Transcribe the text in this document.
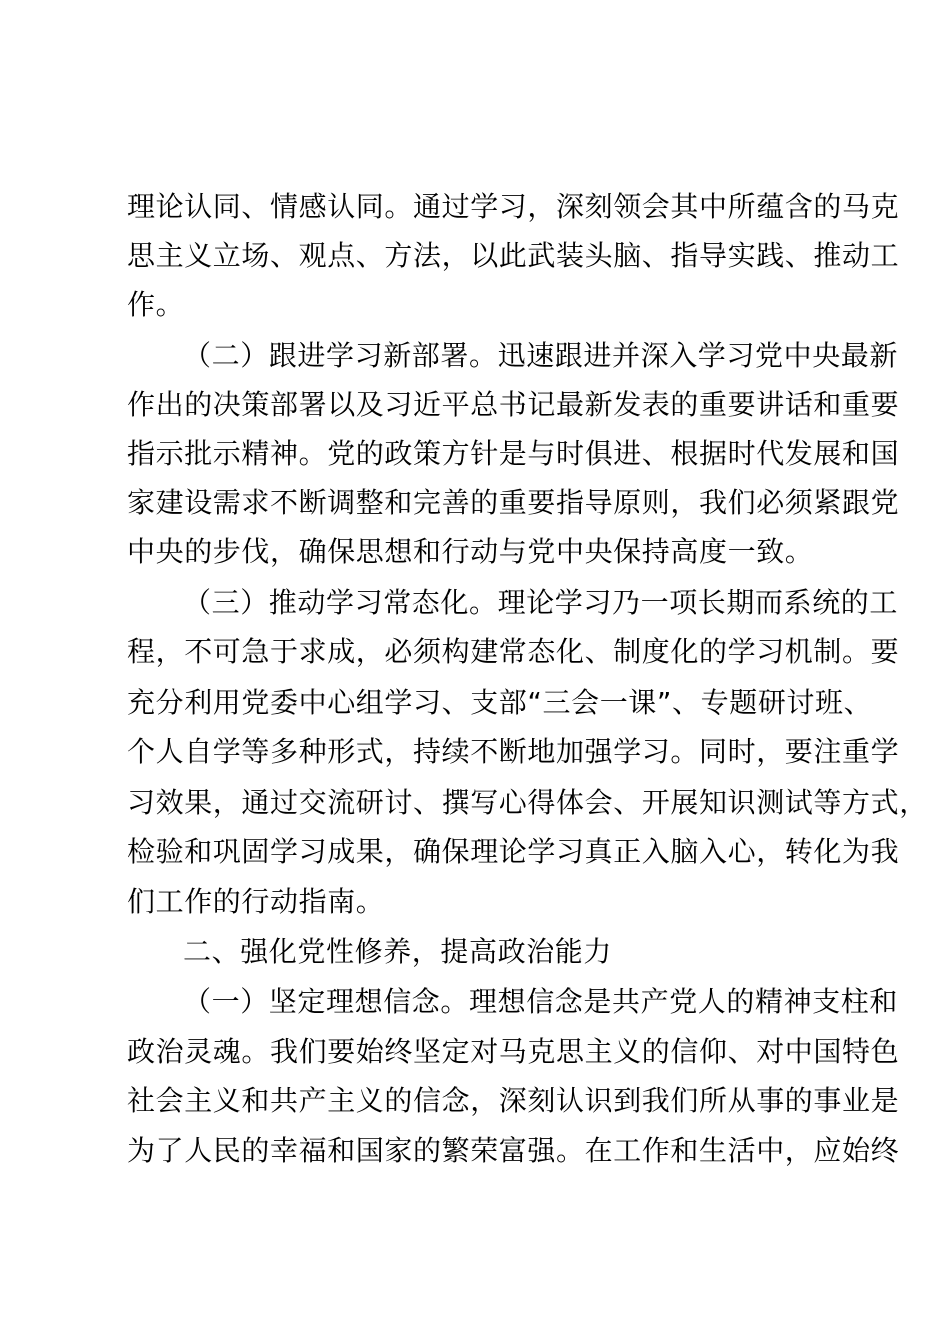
理论认同、情感认同。通过学习，深刻领会其中所蕴含的马克
思主义立场、观点、方法，以此武装头脑、指导实践、推动工
作。
（二）跟进学习新部署。迅速跟进并深入学习党中央最新
作出的决策部署以及习近平总书记最新发表的重要讲话和重要
指示批示精神。党的政策方针是与时俱进、根据时代发展和国
家建设需求不断调整和完善的重要指导原则，我们必须紧跟党
中央的步伐，确保思想和行动与党中央保持高度一致。
（三）推动学习常态化。理论学习乃一项长期而系统的工
程，不可急于求成，必须构建常态化、制度化的学习机制。要
充分利用党委中心组学习、支部“三会一课”、专题研讨班、
个人自学等多种形式，持续不断地加强学习。同时，要注重学
习效果，通过交流研讨、撰写心得体会、开展知识测试等方式，
检验和巩固学习成果，确保理论学习真正入脑入心，转化为我
们工作的行动指南。
二、强化党性修养，提高政治能力
（一）坚定理想信念。理想信念是共产党人的精神支柱和
政治灵魂。我们要始终坚定对马克思主义的信仰、对中国特色
社会主义和共产主义的信念，深刻认识到我们所从事的事业是
为了人民的幸福和国家的繁荣富强。在工作和生活中，应始终
